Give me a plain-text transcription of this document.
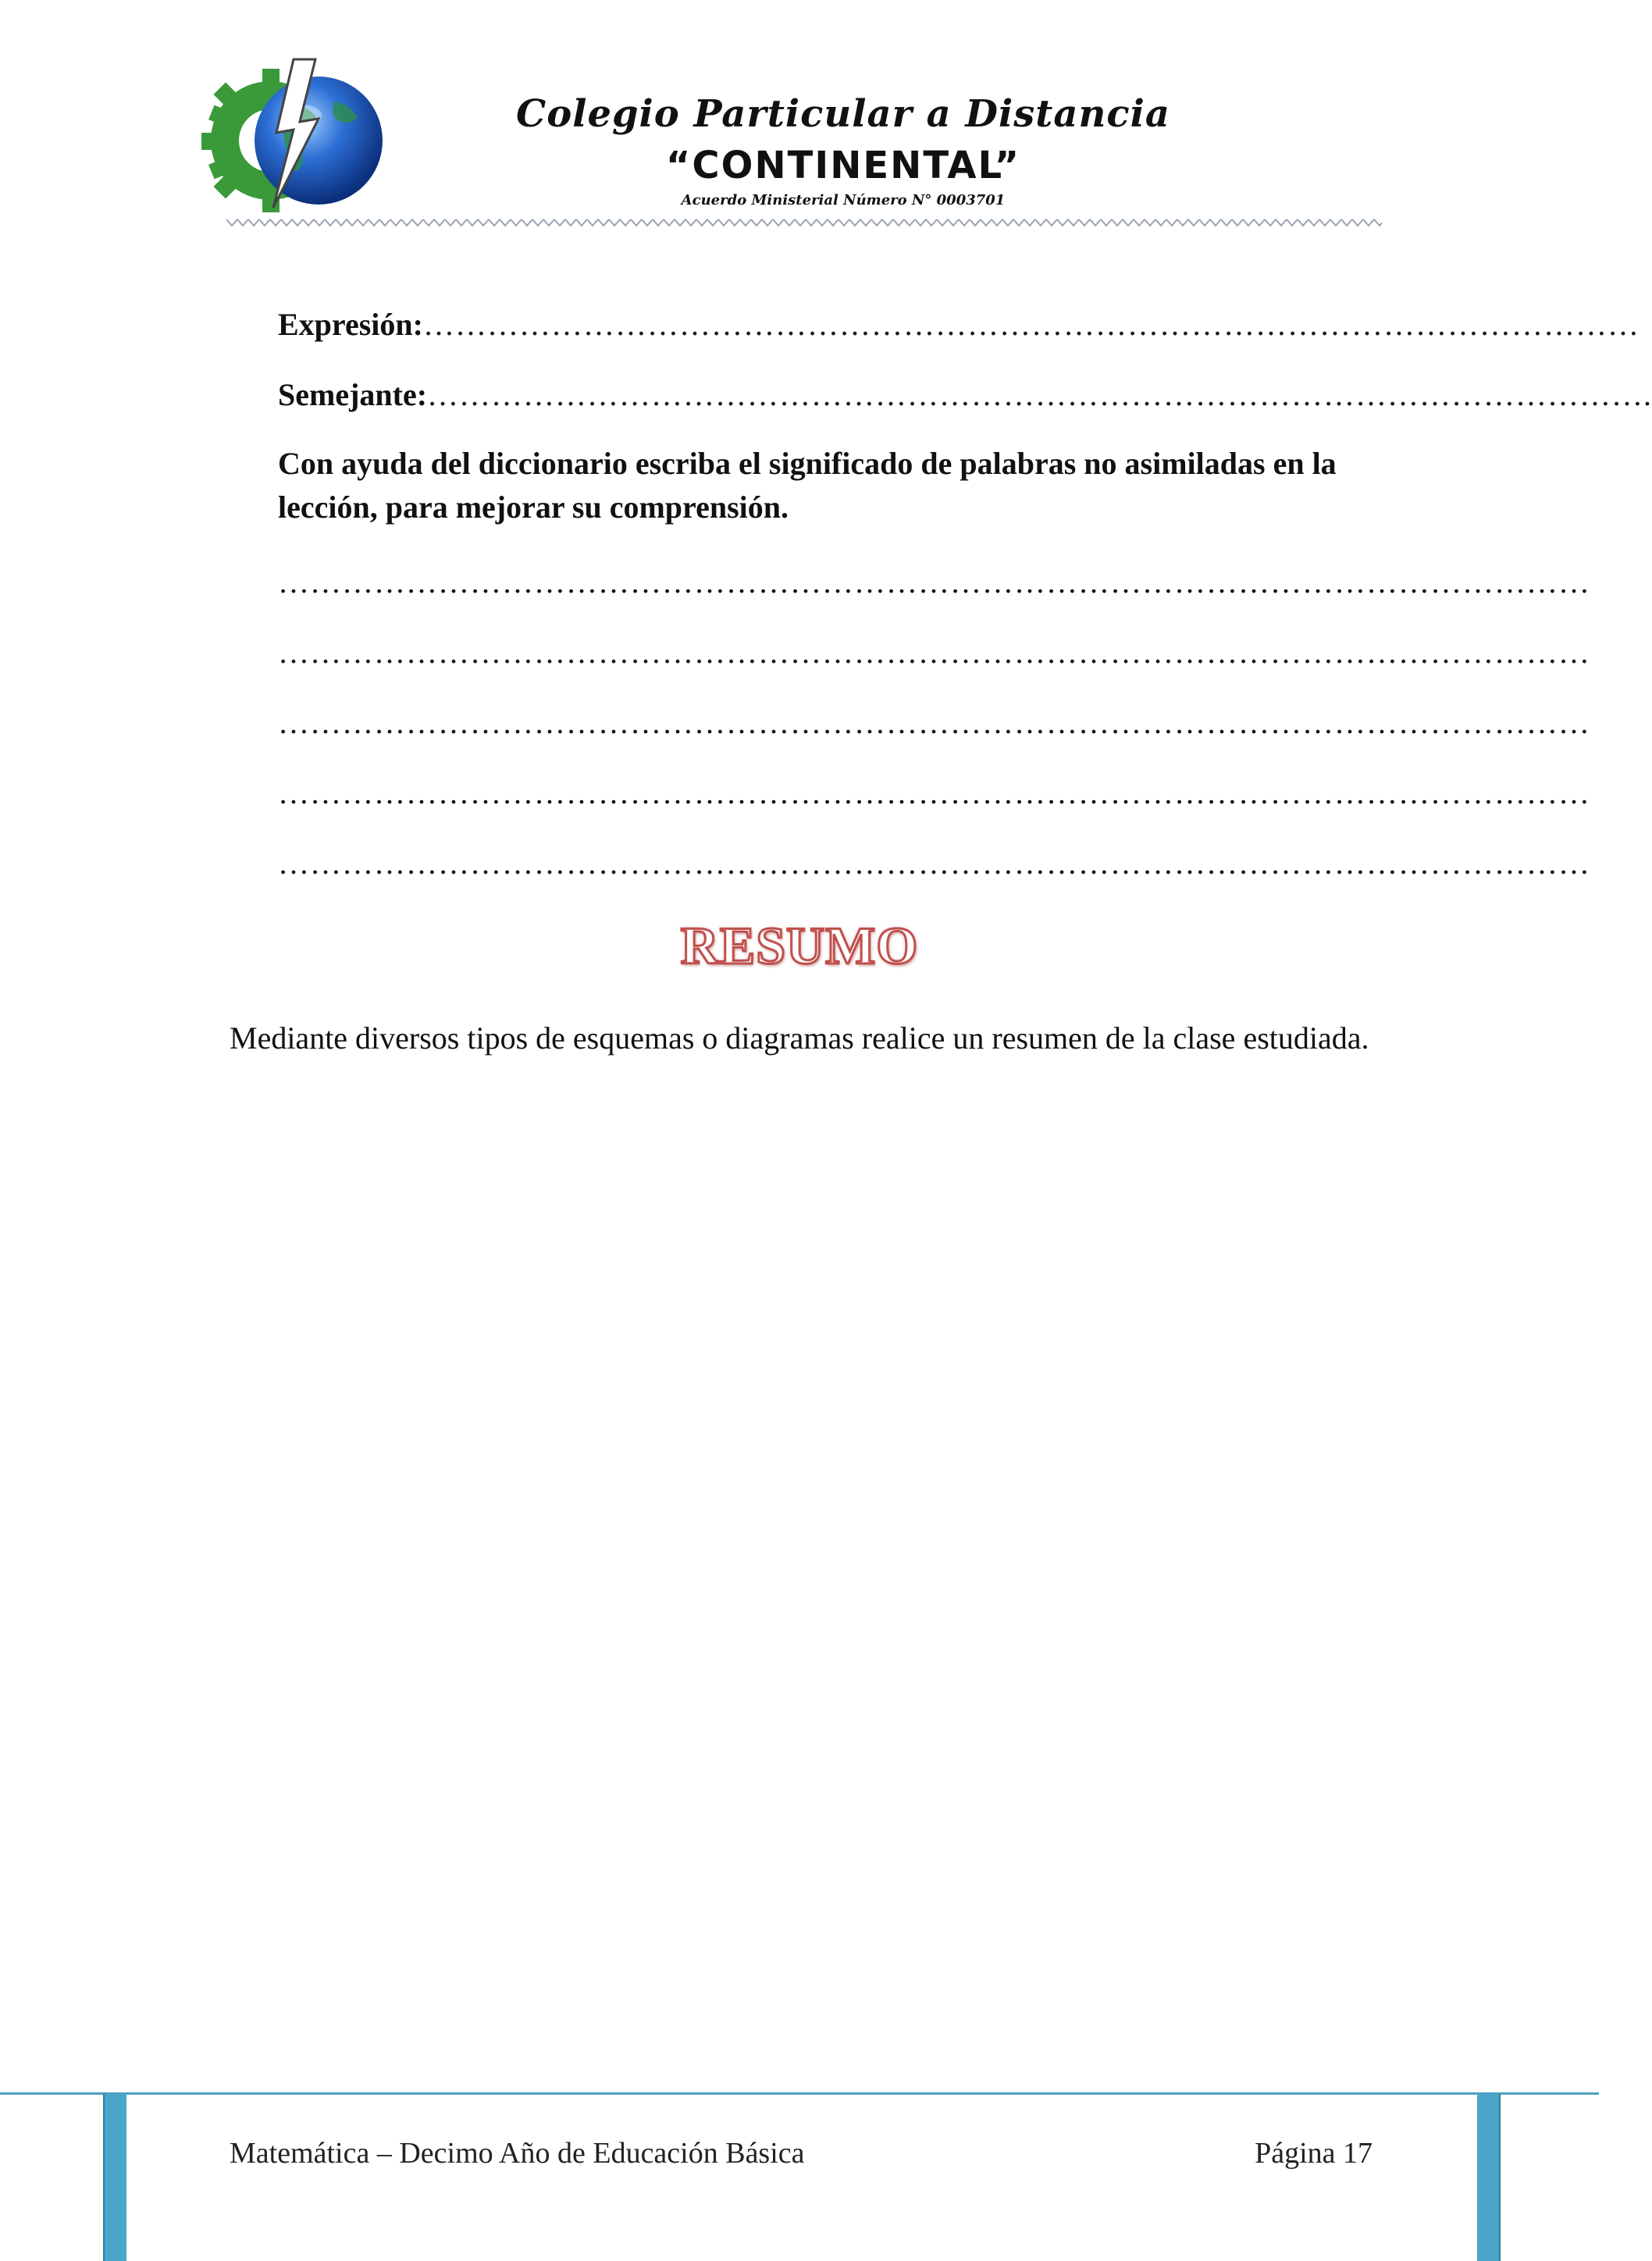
Colegio Particular a Distancia
“CONTINENTAL”
Acuerdo Ministerial Número N° 0003701
Expresión:……………………………………………………………………………………………………
Semejante:…………………………………………………………………………………………………….
Con ayuda del diccionario escriba el significado de palabras no asimiladas en la lección, para mejorar su comprensión.
……………………………………………………………………………………………………………
……………………………………………………………………………………………………………
……………………………………………………………………………………………………………
……………………………………………………………………………………………………………
……………………………………………………………………………………………………………
RESUMO
Mediante diversos tipos de esquemas o diagramas realice un resumen de la clase estudiada.
Matemática – Decimo Año de Educación Básica	Página 17
